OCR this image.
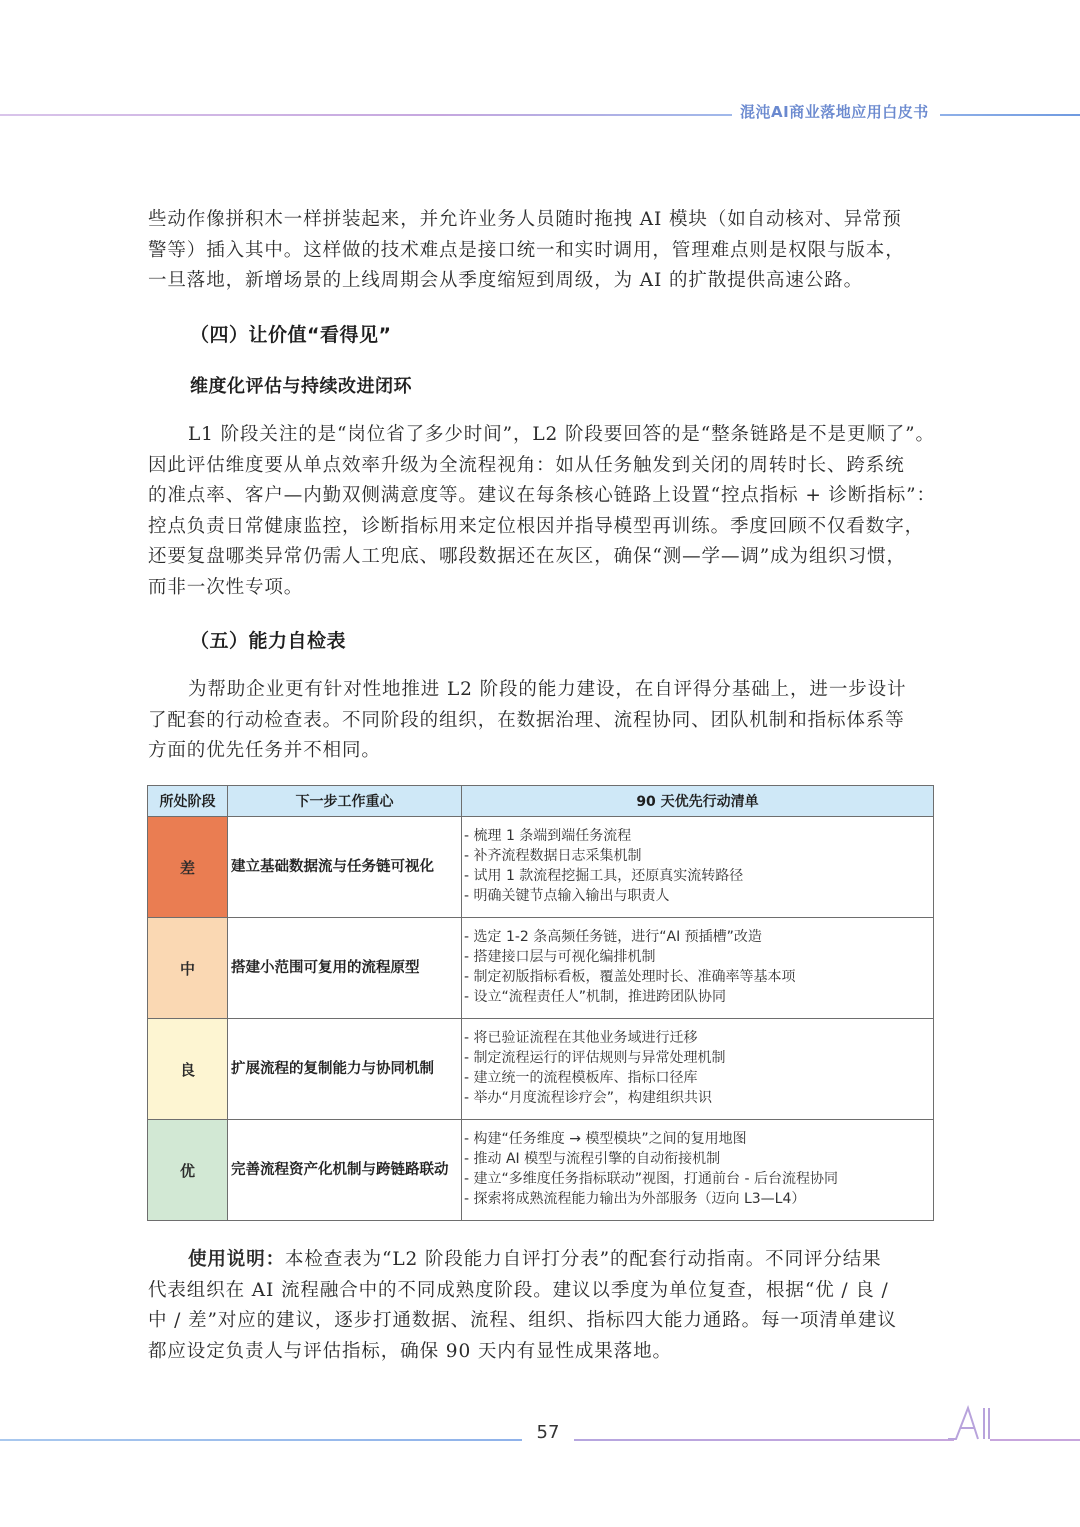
混沌AI商业落地应用白皮书

些动作像拼积木一样拼装起来，并允许业务人员随时拖拽 AI 模块（如自动核对、异常预
警等）插入其中。这样做的技术难点是接口统一和实时调用，管理难点则是权限与版本，
一旦落地，新增场景的上线周期会从季度缩短到周级，为 AI 的扩散提供高速公路。

（四）让价值“看得见”
维度化评估与持续改进闭环

L1 阶段关注的是“岗位省了多少时间”，L2 阶段要回答的是“整条链路是不是更顺了”。
因此评估维度要从单点效率升级为全流程视角：如从任务触发到关闭的周转时长、跨系统
的准点率、客户—内勤双侧满意度等。建议在每条核心链路上设置“控点指标 + 诊断指标”：
控点负责日常健康监控，诊断指标用来定位根因并指导模型再训练。季度回顾不仅看数字，
还要复盘哪类异常仍需人工兜底、哪段数据还在灰区，确保“测—学—调”成为组织习惯，
而非一次性专项。

（五）能力自检表

为帮助企业更有针对性地推进 L2 阶段的能力建设，在自评得分基础上，进一步设计
了配套的行动检查表。不同阶段的组织，在数据治理、流程协同、团队机制和指标体系等
方面的优先任务并不相同。

所处阶段	下一步工作重心	90 天优先行动清单
差	建立基础数据流与任务链可视化	- 梳理 1 条端到端任务流程
- 补齐流程数据日志采集机制
- 试用 1 款流程挖掘工具，还原真实流转路径
- 明确关键节点输入输出与职责人

中	搭建小范围可复用的流程原型	- 选定 1-2 条高频任务链，进行“AI 预插槽”改造
- 搭建接口层与可视化编排机制
- 制定初版指标看板，覆盖处理时长、准确率等基本项
- 设立“流程责任人”机制，推进跨团队协同

良	扩展流程的复制能力与协同机制	- 将已验证流程在其他业务域进行迁移
- 制定流程运行的评估规则与异常处理机制
- 建立统一的流程模板库、指标口径库
- 举办“月度流程诊疗会”，构建组织共识

优	完善流程资产化机制与跨链路联动	- 构建“任务维度 → 模型模块”之间的复用地图
- 推动 AI 模型与流程引擎的自动衔接机制
- 建立“多维度任务指标联动”视图，打通前台 - 后台流程协同
- 探索将成熟流程能力输出为外部服务（迈向 L3—L4）

使用说明：本检查表为“L2 阶段能力自评打分表”的配套行动指南。不同评分结果
代表组织在 AI 流程融合中的不同成熟度阶段。建议以季度为单位复查，根据“优 / 良 /
中 / 差”对应的建议，逐步打通数据、流程、组织、指标四大能力通路。每一项清单建议
都应设定负责人与评估指标，确保 90 天内有显性成果落地。

57	AI
